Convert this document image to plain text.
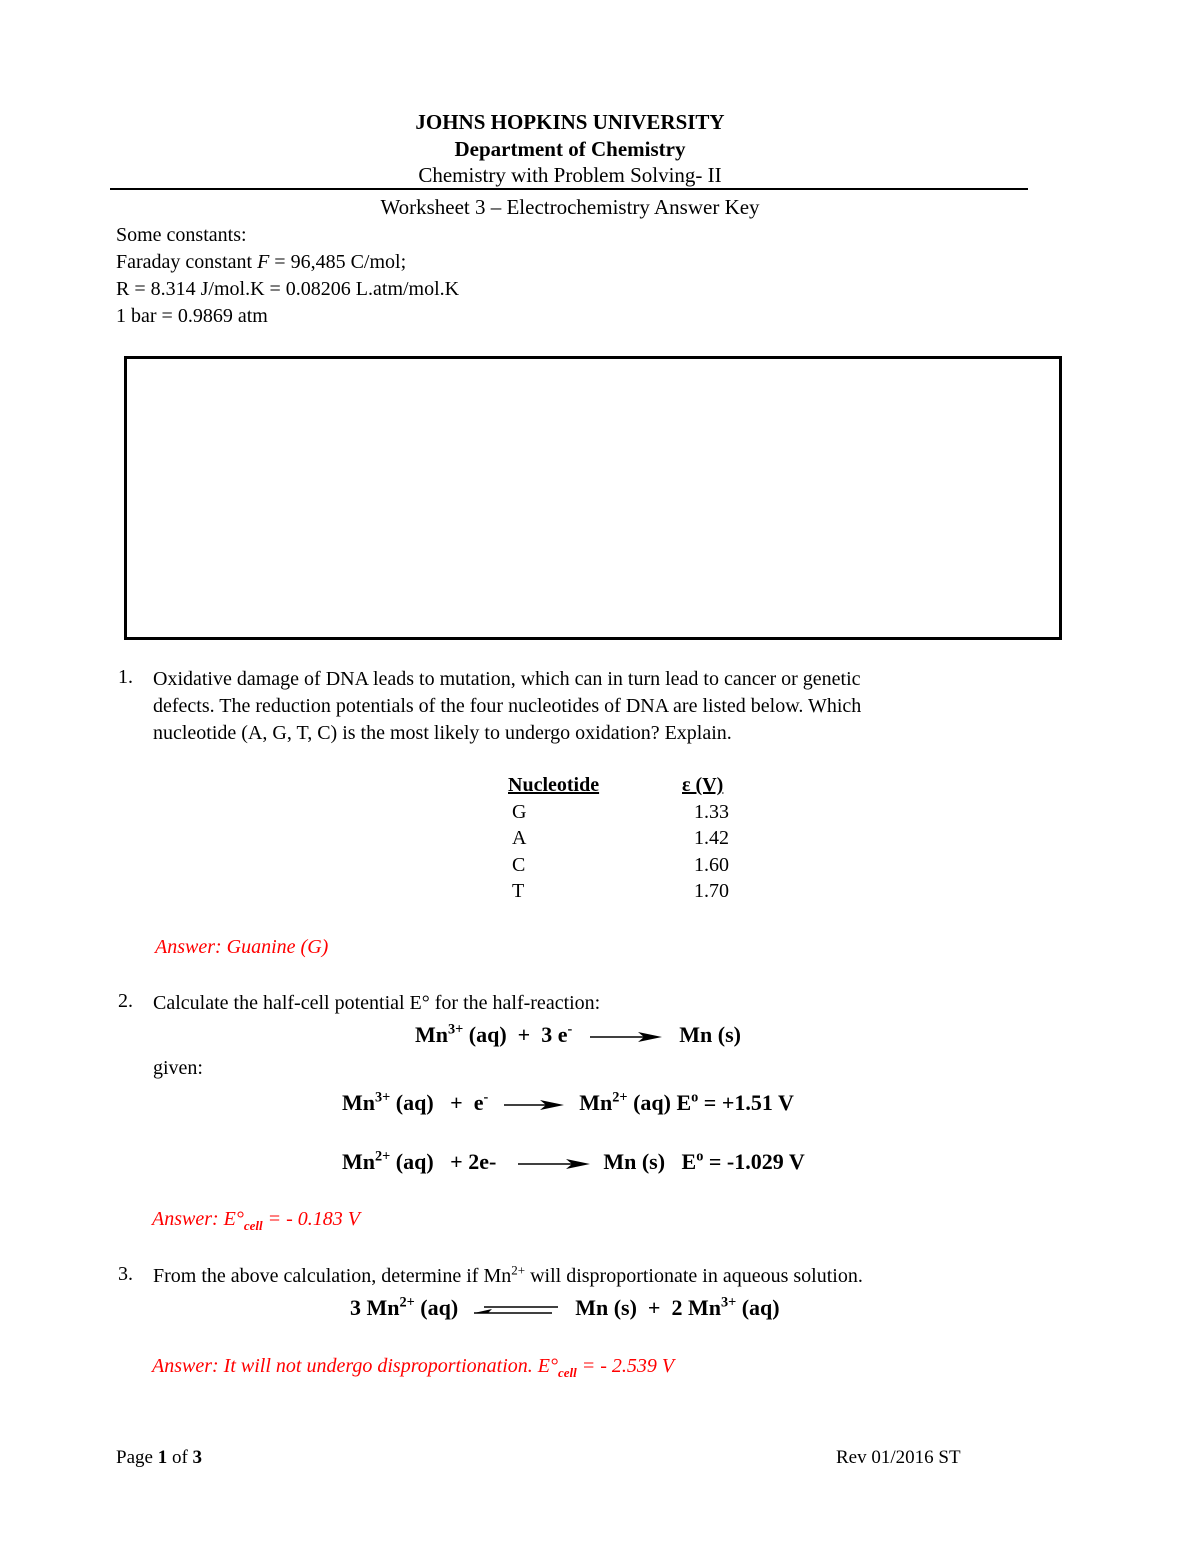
JOHNS HOPKINS UNIVERSITY
Department of Chemistry
Chemistry with Problem Solving- II
Worksheet 3 – Electrochemistry Answer Key
Some constants:
Faraday constant F = 96,485 C/mol;
R = 8.314 J/mol.K = 0.08206 L.atm/mol.K
1 bar = 0.9869 atm
1. Oxidative damage of DNA leads to mutation, which can in turn lead to cancer or genetic
defects. The reduction potentials of the four nucleotides of DNA are listed below. Which
nucleotide (A, G, T, C) is the most likely to undergo oxidation? Explain.
Nucleotide	ε (V)
G	1.33
A	1.42
C	1.60
T	1.70
Answer: Guanine (G)
2. Calculate the half-cell potential E° for the half-reaction:
$Mn^{3+}$ (aq)  +  3 e- → Mn (s)
given:
$Mn^{3+}$ $(aq) + e^- \to Mn^{2+}$ (aq) $E^o = +1.51$ V
$Mn^{2+}$ (aq)   + 2e- → Mn (s)   $E^o = -1.029$ V
Answer: $E^\circ_{cell}$ = - 0.183 V
3. From the above calculation, determine if $Mn^{2+}$ will disproportionate in aqueous solution.
3 $Mn^{2+}$ (aq)	Mn (s)  +  2 $Mn^{3+}$ (aq)
Answer: It will not undergo disproportionation. $E^\circ_{cell}$ = - 2.539 V
Page 1 of 3	Rev 01/2016 ST
